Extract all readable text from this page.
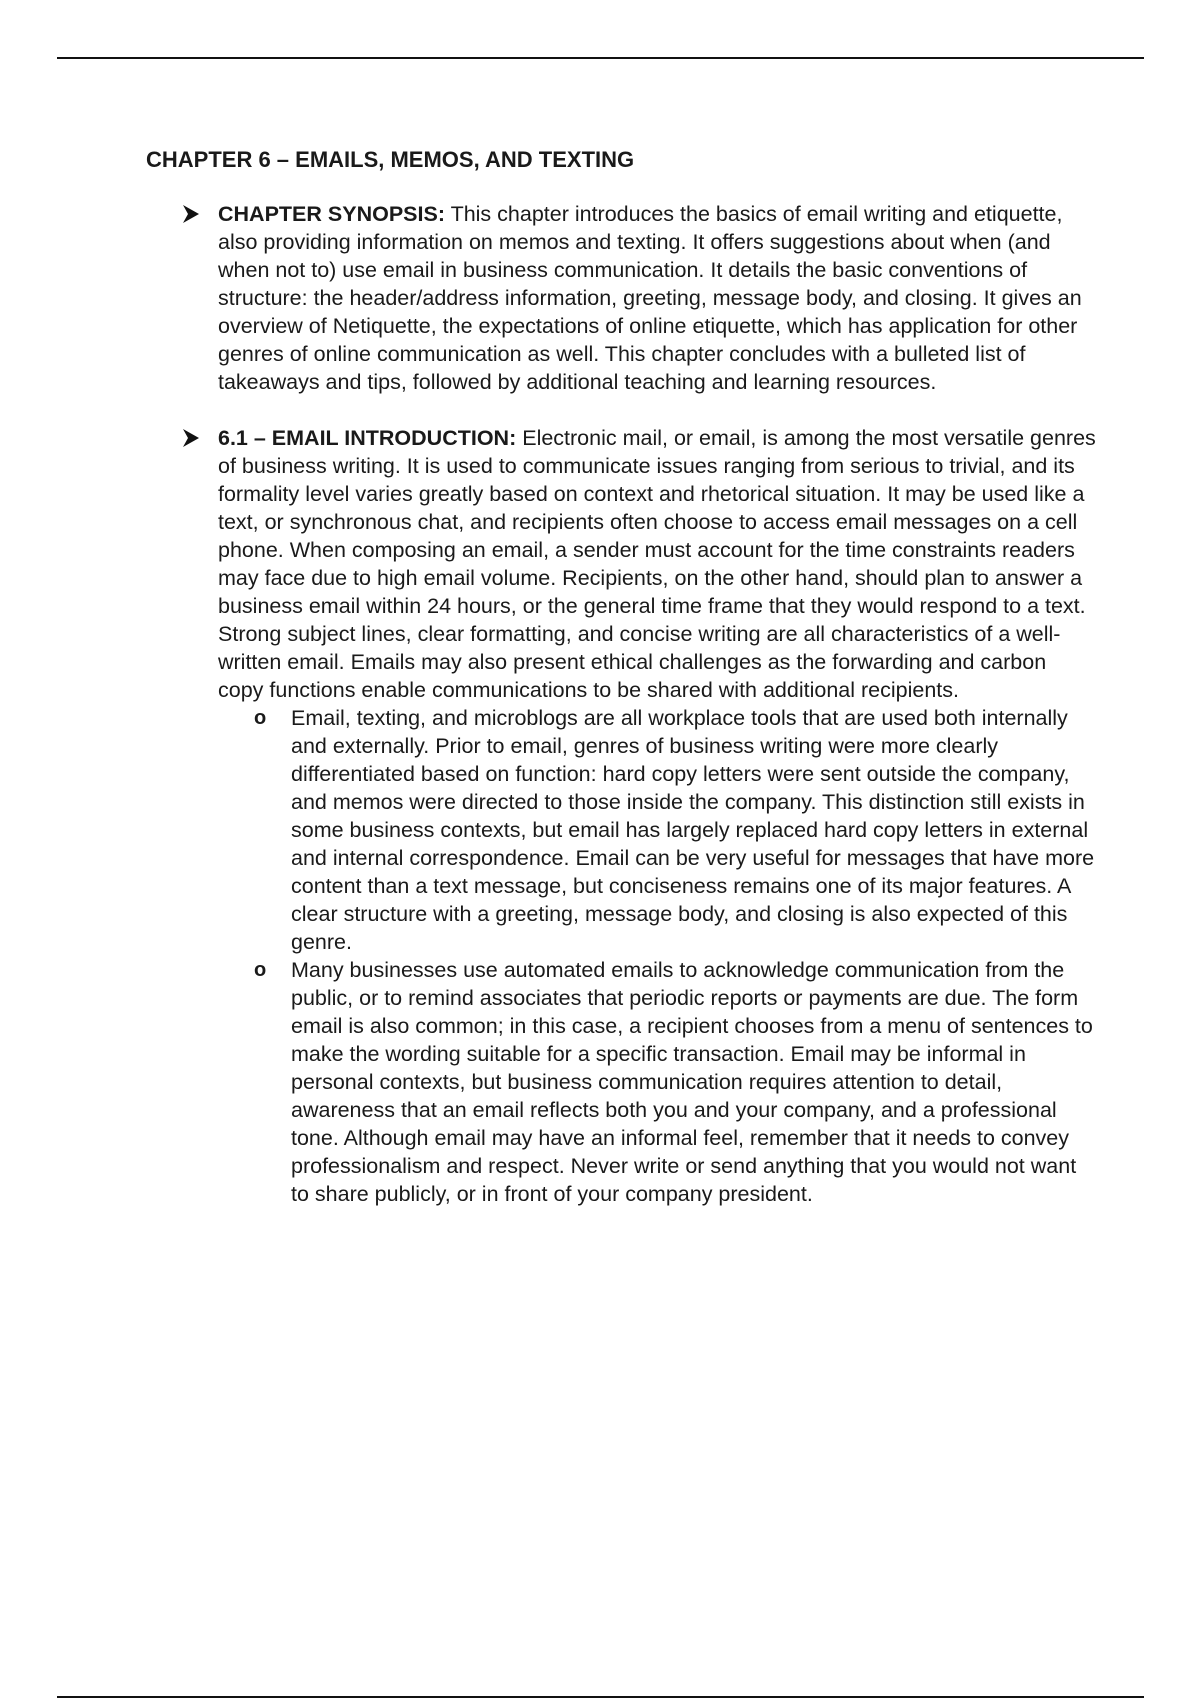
CHAPTER 6 – EMAILS, MEMOS, AND TEXTING
CHAPTER SYNOPSIS: This chapter introduces the basics of email writing and etiquette, also providing information on memos and texting. It offers suggestions about when (and when not to) use email in business communication. It details the basic conventions of structure: the header/address information, greeting, message body, and closing. It gives an overview of Netiquette, the expectations of online etiquette, which has application for other genres of online communication as well. This chapter concludes with a bulleted list of takeaways and tips, followed by additional teaching and learning resources.
6.1 – EMAIL INTRODUCTION: Electronic mail, or email, is among the most versatile genres of business writing. It is used to communicate issues ranging from serious to trivial, and its formality level varies greatly based on context and rhetorical situation. It may be used like a text, or synchronous chat, and recipients often choose to access email messages on a cell phone. When composing an email, a sender must account for the time constraints readers may face due to high email volume. Recipients, on the other hand, should plan to answer a business email within 24 hours, or the general time frame that they would respond to a text. Strong subject lines, clear formatting, and concise writing are all characteristics of a well-written email. Emails may also present ethical challenges as the forwarding and carbon copy functions enable communications to be shared with additional recipients.
o Email, texting, and microblogs are all workplace tools that are used both internally and externally. Prior to email, genres of business writing were more clearly differentiated based on function: hard copy letters were sent outside the company, and memos were directed to those inside the company. This distinction still exists in some business contexts, but email has largely replaced hard copy letters in external and internal correspondence. Email can be very useful for messages that have more content than a text message, but conciseness remains one of its major features. A clear structure with a greeting, message body, and closing is also expected of this genre.
o Many businesses use automated emails to acknowledge communication from the public, or to remind associates that periodic reports or payments are due. The form email is also common; in this case, a recipient chooses from a menu of sentences to make the wording suitable for a specific transaction. Email may be informal in personal contexts, but business communication requires attention to detail, awareness that an email reflects both you and your company, and a professional tone. Although email may have an informal feel, remember that it needs to convey professionalism and respect. Never write or send anything that you would not want to share publicly, or in front of your company president.
